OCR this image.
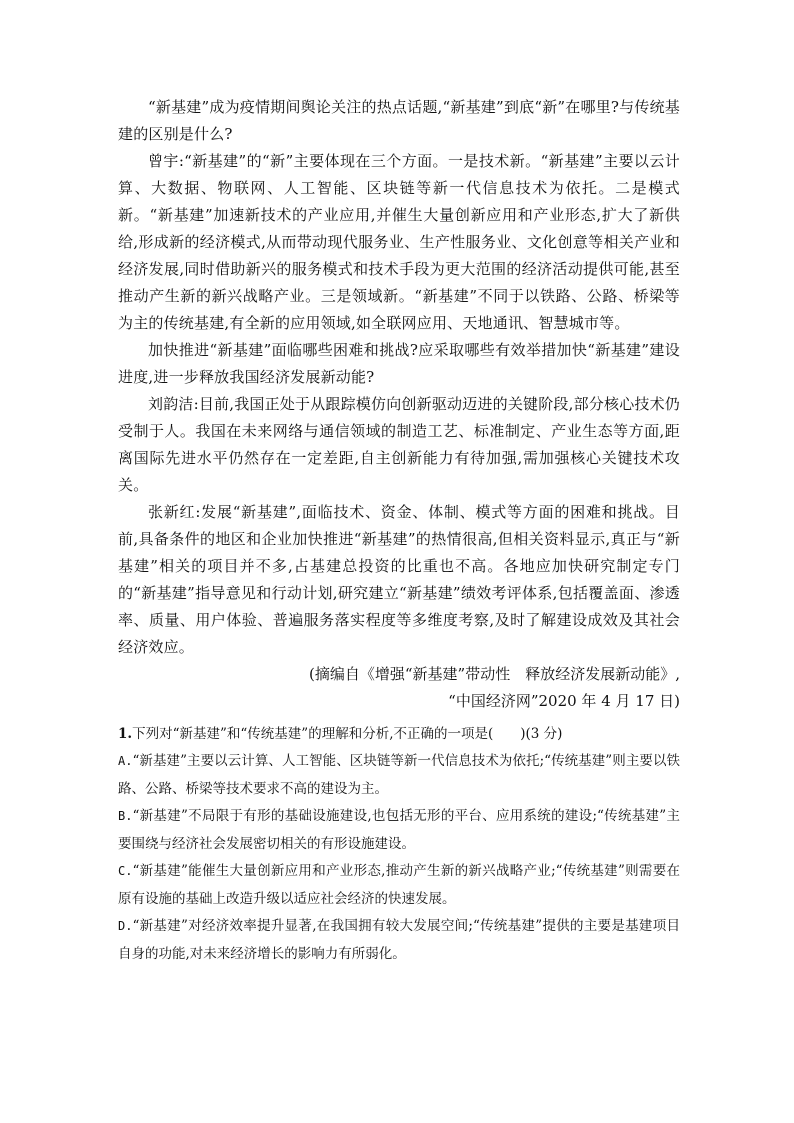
“新基建”成为疫情期间舆论关注的热点话题,“新基建”到底“新”在哪里?与传统基建的区别是什么?

曾宇:“新基建”的“新”主要体现在三个方面。一是技术新。“新基建”主要以云计算、大数据、物联网、人工智能、区块链等新一代信息技术为依托。二是模式新。“新基建”加速新技术的产业应用,并催生大量创新应用和产业形态,扩大了新供给,形成新的经济模式,从而带动现代服务业、生产性服务业、文化创意等相关产业和经济发展,同时借助新兴的服务模式和技术手段为更大范围的经济活动提供可能,甚至推动产生新的新兴战略产业。三是领域新。“新基建”不同于以铁路、公路、桥梁等为主的传统基建,有全新的应用领域,如全联网应用、天地通讯、智慧城市等。

加快推进“新基建”面临哪些困难和挑战?应采取哪些有效举措加快“新基建”建设进度,进一步释放我国经济发展新动能?

刘韵洁:目前,我国正处于从跟踪模仿向创新驱动迈进的关键阶段,部分核心技术仍受制于人。我国在未来网络与通信领域的制造工艺、标准制定、产业生态等方面,距离国际先进水平仍然存在一定差距,自主创新能力有待加强,需加强核心关键技术攻关。

张新红:发展“新基建”,面临技术、资金、体制、模式等方面的困难和挑战。目前,具备条件的地区和企业加快推进“新基建”的热情很高,但相关资料显示,真正与“新基建”相关的项目并不多,占基建总投资的比重也不高。各地应加快研究制定专门的“新基建”指导意见和行动计划,研究建立“新基建”绩效考评体系,包括覆盖面、渗透率、质量、用户体验、普遍服务落实程度等多维度考察,及时了解建设成效及其社会经济效应。

(摘编自《增强“新基建”带动性　释放经济发展新动能》,

“中国经济网”2020 年 4 月 17 日)

1.下列对“新基建”和“传统基建”的理解和分析,不正确的一项是(　　)(3 分)

A.“新基建”主要以云计算、人工智能、区块链等新一代信息技术为依托;“传统基建”则主要以铁路、公路、桥梁等技术要求不高的建设为主。

B.“新基建”不局限于有形的基础设施建设,也包括无形的平台、应用系统的建设;“传统基建”主要围绕与经济社会发展密切相关的有形设施建设。

C.“新基建”能催生大量创新应用和产业形态,推动产生新的新兴战略产业;“传统基建”则需要在原有设施的基础上改造升级以适应社会经济的快速发展。

D.“新基建”对经济效率提升显著,在我国拥有较大发展空间;“传统基建”提供的主要是基建项目自身的功能,对未来经济增长的影响力有所弱化。
